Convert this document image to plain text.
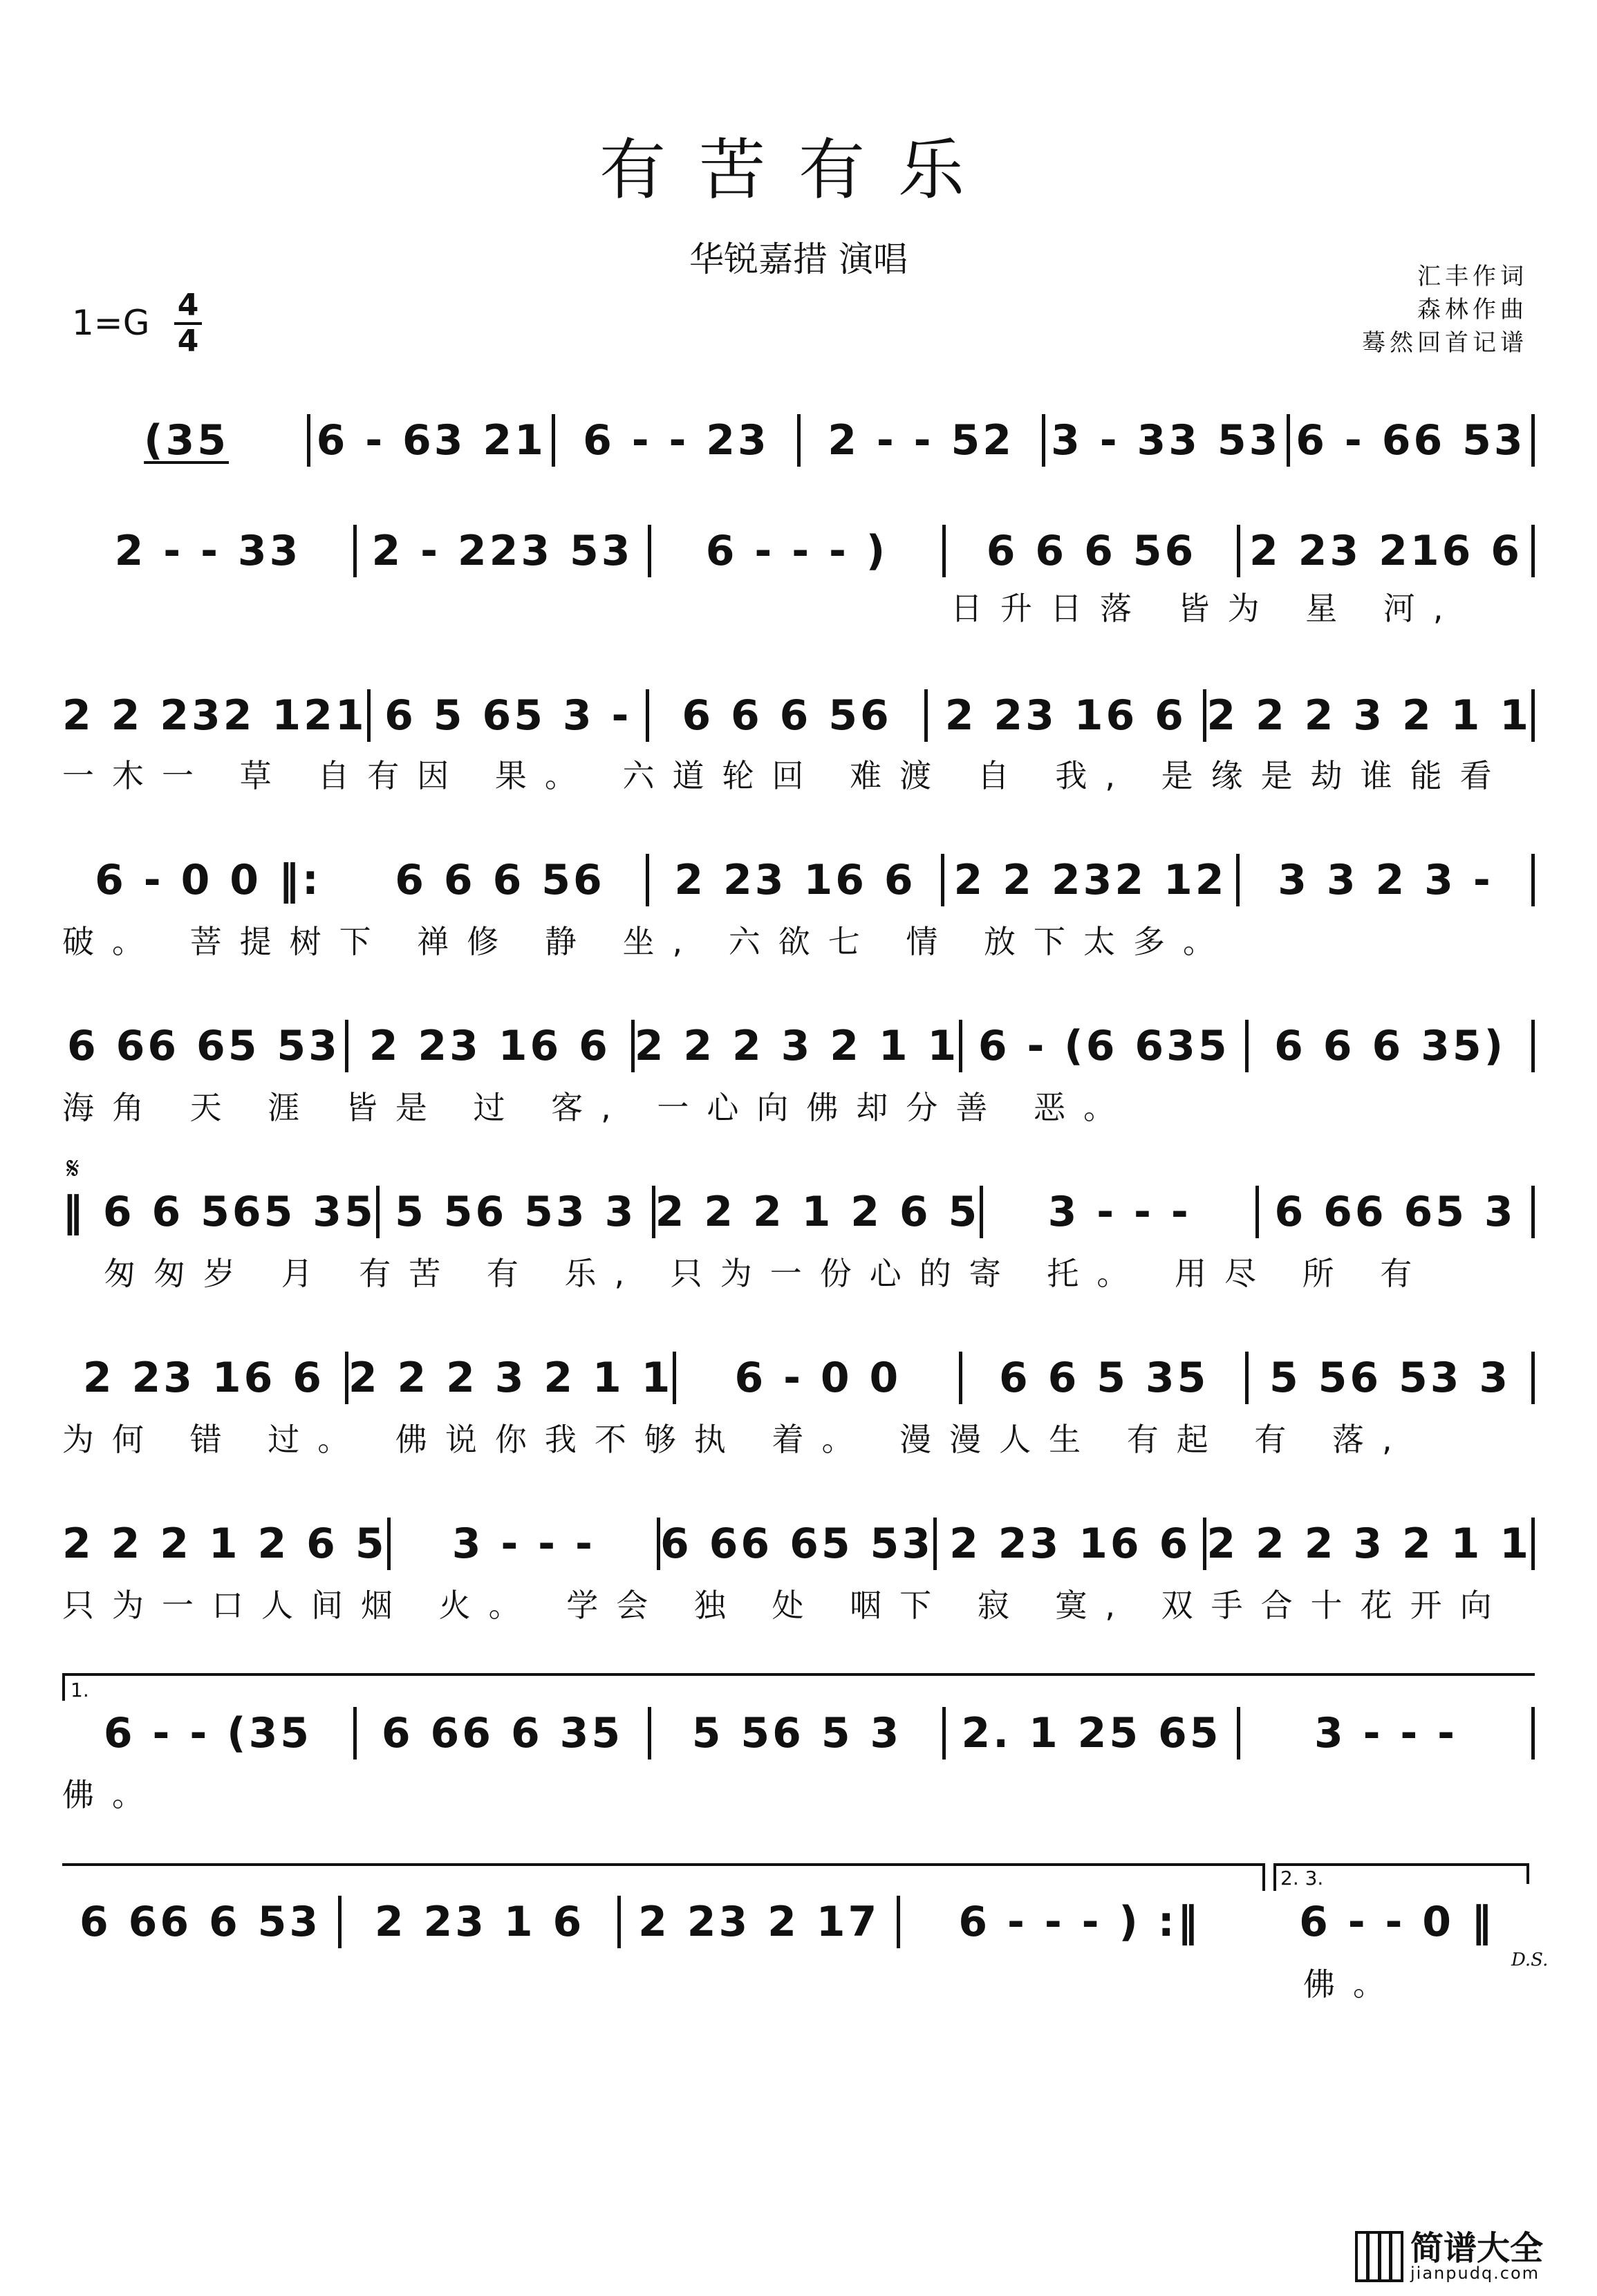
有苦有乐
华锐嘉措 演唱	汇丰作词
森林作曲
蓦然回首记谱
1=G 4
4
(35	6 - 63 21 6 - - 23	2 - - 52 3 - 33 53 6 - 66 53
2 - - 33	2 - 223 53	6 - - - )	6 6 6 56	2 23 216 6
日升日落 皆为 星 河,
2 2 232 121 6 5 65 3 -	6 6 6 56	2 23 16 6 2 2 2 3 2 1 1
一木一 草 自有因 果。 六道轮回 难渡 自 我, 是缘是劫谁能看
6 - 0 0 ‖:	6 6 6 56	2 23 16 6 2 2 232 12	3 3 2 3 -
破。 菩提树下 禅修 静 坐, 六欲七 情 放下太多。
6 66 65 53 2 23 16 6 2 2 2 3 2 1 1 6 - (6 635	6 6 6 35)
海角 天 涯 皆是 过 客, 一心向佛却分善 恶。
𝄋
‖ 6 6 565 35 5 56 53 3 2 2 2 1 2 6 5	3 - - -	6 66 65 3
匆匆岁 月 有苦 有 乐, 只为一份心的寄 托。 用尽 所 有
2 23 16 6 2 2 2 3 2 1 1	6 - 0 0	6 6 5 35	5 56 53 3
为何 错 过。 佛说你我不够执 着。 漫漫人生 有起 有 落,
2 2 2 1 2 6 5	3 - - -	6 66 65 53 2 23 16 6 2 2 2 3 2 1 1
只为一口人间烟 火。 学会 独 处 咽下 寂 寞, 双手合十花开向
1.
6 - - (35	6 66 6 35	5 56 5 3	2. 1 25 65	3 - - -
佛。
2. 3.
6 66 6 53	2 23 1 6	2 23 2 17	6 - - - ) :‖	6 - - 0 ‖
D.S.
佛。
简谱大全
jianpudq.com
